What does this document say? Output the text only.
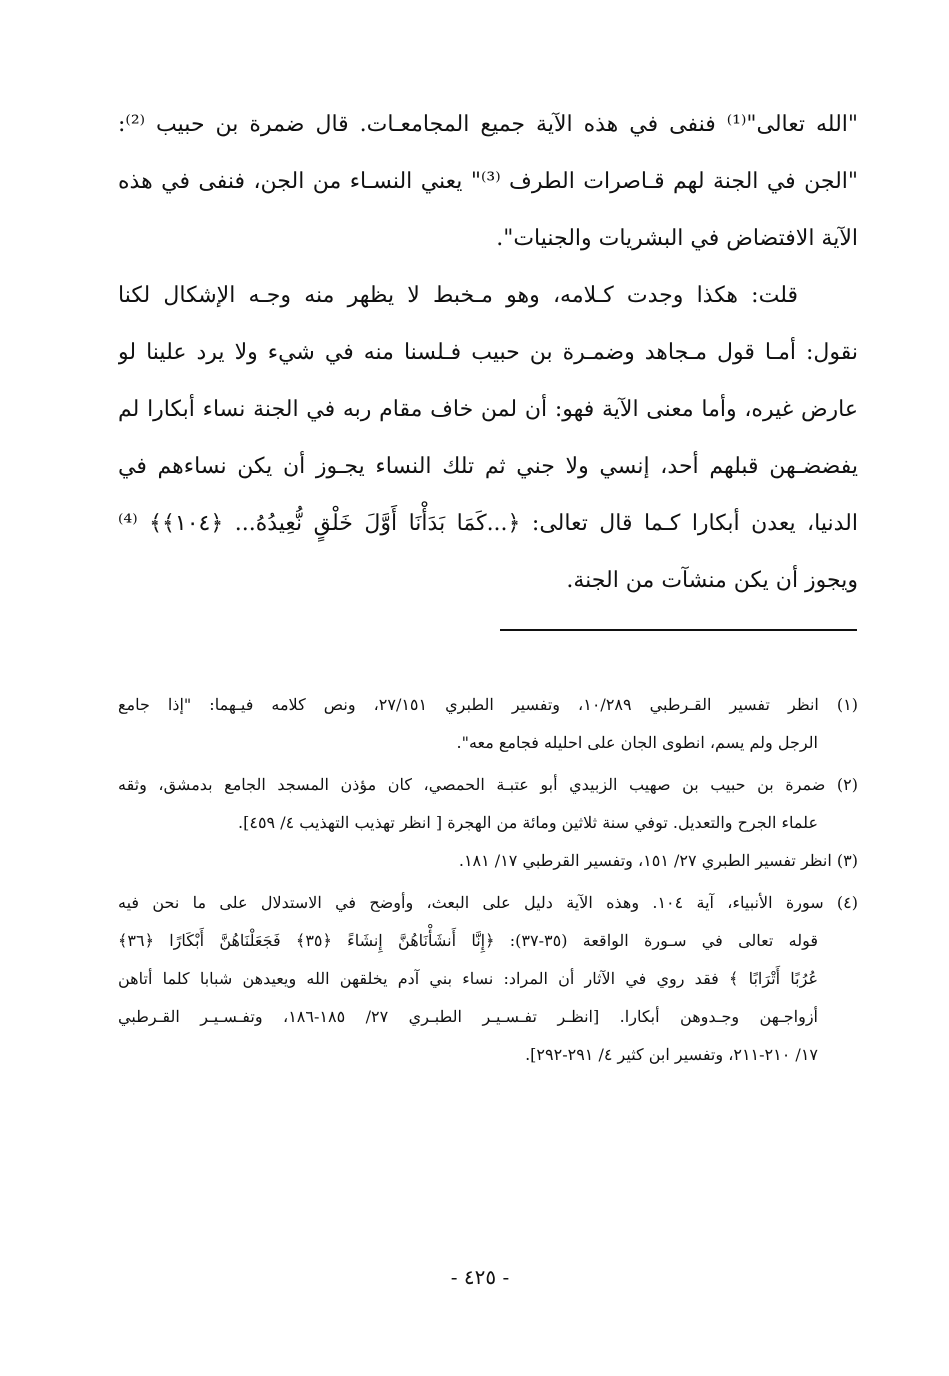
"الله تعالى"⁽¹⁾ فنفى في هذه الآية جميع المجامعـات. قال ضمرة بن حبيب ⁽²⁾:
"الجن في الجنة لهم قـاصرات الطرف ⁽³⁾" يعني النسـاء من الجن، فنفى في هذه
الآية الافتضاض في البشريات والجنيات".
قلت: هكذا وجدت كـلامه، وهو مـخبط لا يظهر منه وجـه الإشكال لكنا
نقول: أمـا قول مـجاهد وضمـرة بن حبيب فـلسنا منه في شيء ولا يرد علينا لو
عارض غيره، وأما معنى الآية فهو: أن لمن خاف مقام ربه في الجنة نساء أبكارا لم
يفضضـهن قبلهم أحد، إنسي ولا جني ثم تلك النساء يجـوز أن يكن نساءهم في
الدنيا، يعدن أبكارا كـما قال تعالى: ﴿...كَمَا بَدَأْنَا أَوَّلَ خَلْقٍ نُّعِيدُهُ... ﴿١٠٤﴾﴾ ⁽⁴⁾
ويجوز أن يكن منشآت من الجنة.
(١) انظر تفسير القـرطبي ١٠/٢٨٩، وتفسير الطبري ٢٧/١٥١، ونص كلامه فيـهما: "إذا جامع
الرجل ولم يسم، انطوى الجان على احليله فجامع معه".
(٢) ضمرة بن حبيب بن صهيب الزبيدي أبو عتبـة الحمصي، كان مؤذن المسجد الجامع بدمشق، وثقه
علماء الجرح والتعديل. توفي سنة ثلاثين ومائة من الهجرة [ انظر تهذيب التهذيب ٤/ ٤٥٩].
(٣) انظر تفسير الطبري ٢٧/ ١٥١، وتفسير القرطبي ١٧/ ١٨١.
(٤) سورة الأنبياء، آية ١٠٤. وهذه الآية دليل على البعث، وأوضح في الاستدلال على ما نحن فيه
قوله تعالى في سـورة الواقعة (٣٥-٣٧): ﴿إِنَّا أَنشَأْنَاهُنَّ إِنشَاءً ﴿٣٥﴾ فَجَعَلْنَاهُنَّ أَبْكَارًا ﴿٣٦﴾
عُرُبًا أَتْرَابًا ﴾ فقد روي في الآثار أن المراد: نساء بني آدم يخلقهن الله ويعيدهن شبابا كلما أتاهن
أزواجـهن وجـدوهن أبكارا. [انظـر تفـسـيـر الطبـري ٢٧/ ١٨٥-١٨٦، وتفـسـيـر القـرطبي
١٧/ ٢١٠-٢١١، وتفسير ابن كثير ٤/ ٢٩١-٢٩٢].
- ٤٢٥ -
